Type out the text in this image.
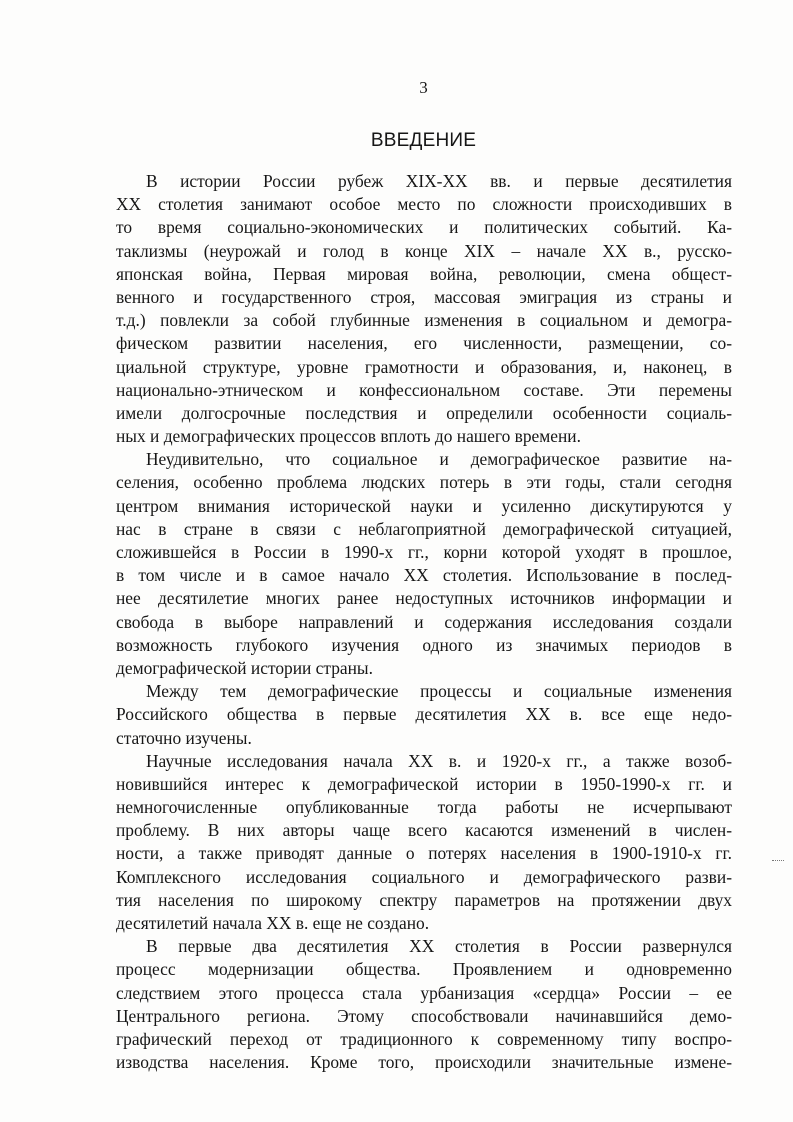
3
ВВЕДЕНИЕ
В истории России рубеж XIX-XX вв. и первые десятилетия
XX столетия занимают особое место по сложности происходивших в
то время социально-экономических и политических событий. Ка-
таклизмы (неурожай и голод в конце XIX – начале XX в., русско-
японская война, Первая мировая война, революции, смена общест-
венного и государственного строя, массовая эмиграция из страны и
т.д.) повлекли за собой глубинные изменения в социальном и демогра-
фическом развитии населения, его численности, размещении, со-
циальной структуре, уровне грамотности и образования, и, наконец, в
национально-этническом и конфессиональном составе. Эти перемены
имели долгосрочные последствия и определили особенности социаль-
ных и демографических процессов вплоть до нашего времени.
Неудивительно, что социальное и демографическое развитие на-
селения, особенно проблема людских потерь в эти годы, стали сегодня
центром внимания исторической науки и усиленно дискутируются у
нас в стране в связи с неблагоприятной демографической ситуацией,
сложившейся в России в 1990-х гг., корни которой уходят в прошлое,
в том числе и в самое начало XX столетия. Использование в послед-
нее десятилетие многих ранее недоступных источников информации и
свобода в выборе направлений и содержания исследования создали
возможность глубокого изучения одного из значимых периодов в
демографической истории страны.
Между тем демографические процессы и социальные изменения
Российского общества в первые десятилетия XX в. все еще недо-
статочно изучены.
Научные исследования начала XX в. и 1920-х гг., а также возоб-
новившийся интерес к демографической истории в 1950-1990-х гг. и
немногочисленные опубликованные тогда работы не исчерпывают
проблему. В них авторы чаще всего касаются изменений в числен-
ности, а также приводят данные о потерях населения в 1900-1910-х гг.
Комплексного исследования социального и демографического разви-
тия населения по широкому спектру параметров на протяжении двух
десятилетий начала XX в. еще не создано.
В первые два десятилетия XX столетия в России развернулся
процесс модернизации общества. Проявлением и одновременно
следствием этого процесса стала урбанизация «сердца» России – ее
Центрального региона. Этому способствовали начинавшийся демо-
графический переход от традиционного к современному типу воспро-
изводства населения. Кроме того, происходили значительные измене-
